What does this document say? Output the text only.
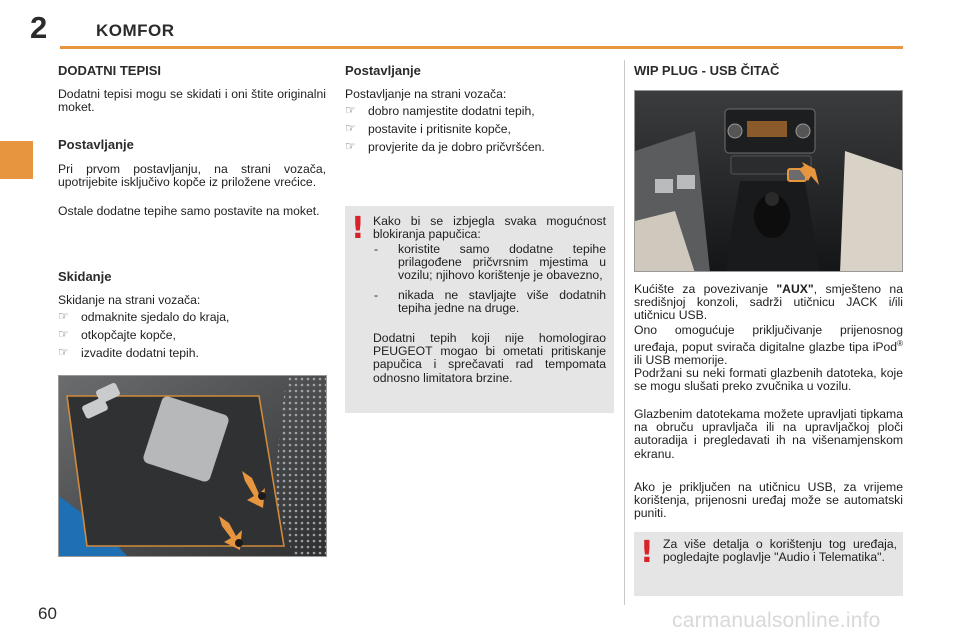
2	KOMFOR
DODATNI TEPISI

Dodatni tepisi mogu se skidati i oni štite originalni moket.

Postavljanje

Pri prvom postavljanju, na strani vozača, upotrijebite isključivo kopče iz priložene vrećice.

Ostale dodatne tepihe samo postavite na moket.

Skidanje

Skidanje na strani vozača:

☞ odmaknite sjedalo do kraja,
☞ otkopčajte kopče,
☞ izvadite dodatni tepih.
Postavljanje

Postavljanje na strani vozača:

☞ dobro namjestite dodatni tepih,
☞ postavite i pritisnite kopče,
☞ provjerite da je dobro pričvršćen.
! Kako bi se izbjegla svaka mogućnost blokiranja papučica:

- koristite samo dodatne tepihe prilagođene pričvrsnim mjestima u vozilu; njihovo korištenje je obavezno,
- nikada ne stavljajte više dodatnih tepiha jedne na druge.

Dodatni tepih koji nije homologirao PEUGEOT mogao bi ometati pritiskanje papučica i sprečavati rad tempomata odnosno limitatora brzine.

WIP PLUG - USB ČITAČ

Kućište za povezivanje "AUX", smješteno na središnjoj konzoli, sadrži utičnicu JACK i/ili utičnicu USB.

Ono omogućuje priključivanje prijenosnog uređaja, poput svirača digitalne glazbe tipa iPod® ili USB memorije.

Podržani su neki formati glazbenih datoteka, koje se mogu slušati preko zvučnika u vozilu.

Glazbenim datotekama možete upravljati tipkama na obruču upravljača ili na upravljačkoj ploči autoradija i pregledavati ih na višenamjenskom ekranu.

Ako je priključen na utičnicu USB, za vrijeme korištenja, prijenosni uređaj može se automatski puniti.

! Za više detalja o korištenju tog uređaja, pogledajte poglavlje "Audio i Telematika".

60	carmanualsonline.info
